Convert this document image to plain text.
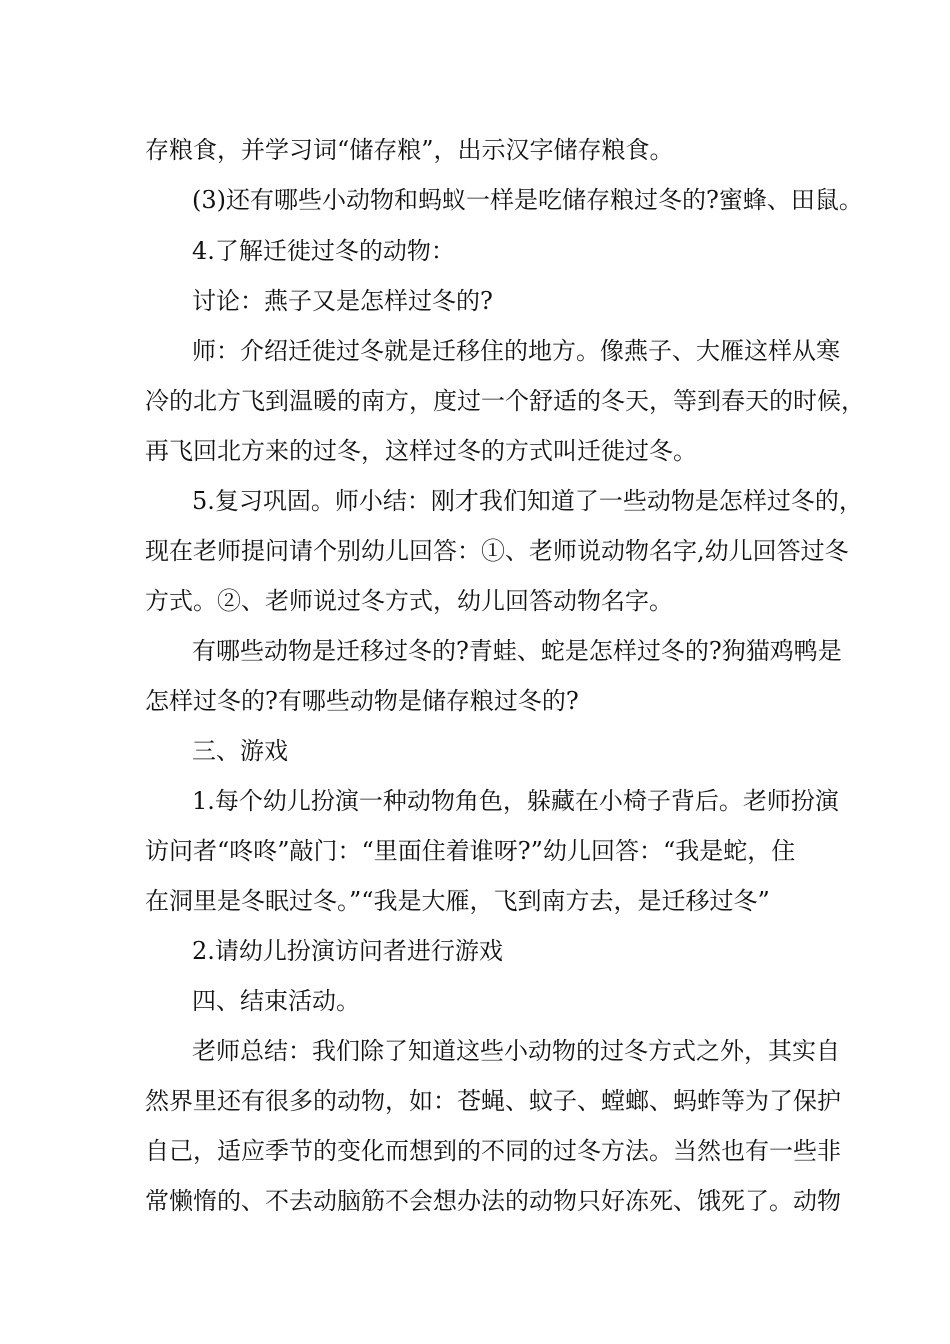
存粮食，并学习词“储存粮”，出示汉字储存粮食。

(3)还有哪些小动物和蚂蚁一样是吃储存粮过冬的?蜜蜂、田鼠。

4.了解迁徙过冬的动物：

讨论：燕子又是怎样过冬的?

师：介绍迁徙过冬就是迁移住的地方。像燕子、大雁这样从寒

冷的北方飞到温暖的南方，度过一个舒适的冬天，等到春天的时候，

再飞回北方来的过冬，这样过冬的方式叫迁徙过冬。

5.复习巩固。师小结：刚才我们知道了一些动物是怎样过冬的，

现在老师提问请个别幼儿回答：①、老师说动物名字,幼儿回答过冬

方式。②、老师说过冬方式，幼儿回答动物名字。

有哪些动物是迁移过冬的?青蛙、蛇是怎样过冬的?狗猫鸡鸭是

怎样过冬的?有哪些动物是储存粮过冬的?

三、游戏

1.每个幼儿扮演一种动物角色，躲藏在小椅子背后。老师扮演

访问者“咚咚”敲门：“里面住着谁呀?”幼儿回答：“我是蛇，住

在洞里是冬眠过冬。”“我是大雁，飞到南方去，是迁移过冬”

2.请幼儿扮演访问者进行游戏

四、结束活动。

老师总结：我们除了知道这些小动物的过冬方式之外，其实自

然界里还有很多的动物，如：苍蝇、蚊子、螳螂、蚂蚱等为了保护

自己，适应季节的变化而想到的不同的过冬方法。当然也有一些非

常懒惰的、不去动脑筋不会想办法的动物只好冻死、饿死了。动物
